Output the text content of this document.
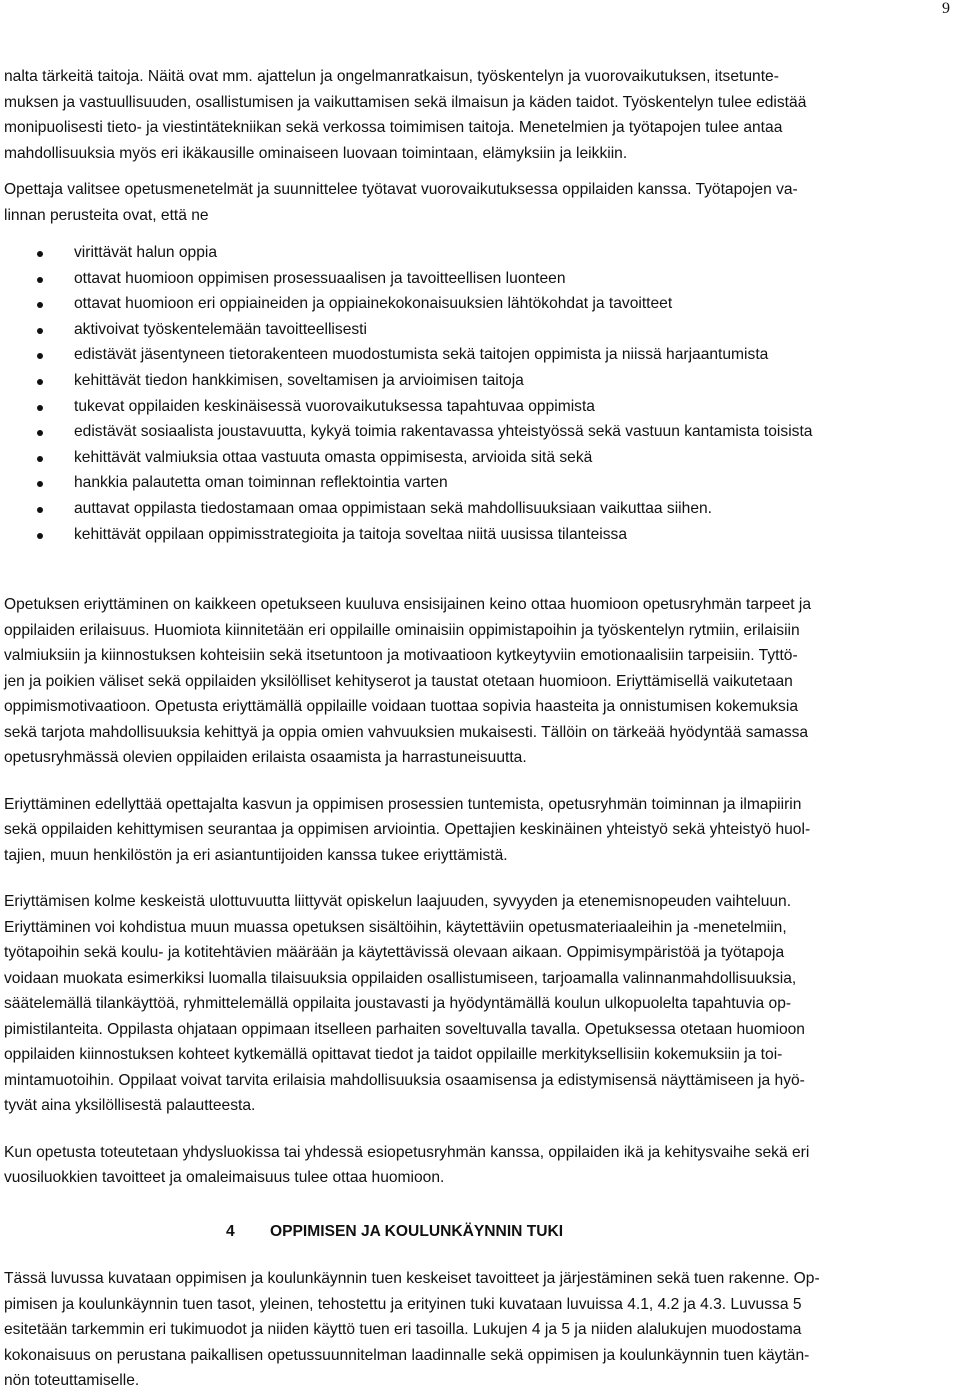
9

nalta tärkeitä taitoja. Näitä ovat mm. ajattelun ja ongelmanratkaisun, työskentelyn ja vuorovaikutuksen, itsetunte-
muksen ja vastuullisuuden, osallistumisen ja vaikuttamisen sekä ilmaisun ja käden taidot. Työskentelyn tulee edistää
monipuolisesti tieto- ja viestintätekniikan sekä verkossa toimimisen taitoja. Menetelmien ja työtapojen tulee antaa
mahdollisuuksia myös eri ikäkausille ominaiseen luovaan toimintaan, elämyksiin ja leikkiin.

Opettaja valitsee opetusmenetelmät ja suunnittelee työtavat vuorovaikutuksessa oppilaiden kanssa. Työtapojen va-
linnan perusteita ovat, että ne

virittävät halun oppia
ottavat huomioon oppimisen prosessuaalisen ja tavoitteellisen luonteen
ottavat huomioon eri oppiaineiden ja oppiainekokonaisuuksien lähtökohdat ja tavoitteet
aktivoivat työskentelemään tavoitteellisesti
edistävät jäsentyneen tietorakenteen muodostumista sekä taitojen oppimista ja niissä harjaantumista
kehittävät tiedon hankkimisen, soveltamisen ja arvioimisen taitoja
tukevat oppilaiden keskinäisessä vuorovaikutuksessa tapahtuvaa oppimista
edistävät sosiaalista joustavuutta, kykyä toimia rakentavassa yhteistyössä sekä vastuun kantamista toisista
kehittävät valmiuksia ottaa vastuuta omasta oppimisesta, arvioida sitä sekä
hankkia palautetta oman toiminnan reflektointia varten
auttavat oppilasta tiedostamaan omaa oppimistaan sekä mahdollisuuksiaan vaikuttaa siihen.
kehittävät oppilaan oppimisstrategioita ja taitoja soveltaa niitä uusissa tilanteissa

Opetuksen eriyttäminen on kaikkeen opetukseen kuuluva ensisijainen keino ottaa huomioon opetusryhmän tarpeet ja
oppilaiden erilaisuus. Huomiota kiinnitetään eri oppilaille ominaisiin oppimistapoihin ja työskentelyn rytmiin, erilaisiin
valmiuksiin ja kiinnostuksen kohteisiin sekä itsetuntoon ja motivaatioon kytkeytyviin emotionaalisiin tarpeisiin. Tyttö-
jen ja poikien väliset sekä oppilaiden yksilölliset kehityserot ja taustat otetaan huomioon. Eriyttämisellä vaikutetaan
oppimismotivaatioon. Opetusta eriyttämällä oppilaille voidaan tuottaa sopivia haasteita ja onnistumisen kokemuksia
sekä tarjota mahdollisuuksia kehittyä ja oppia omien vahvuuksien mukaisesti. Tällöin on tärkeää hyödyntää samassa
opetusryhmässä olevien oppilaiden erilaista osaamista ja harrastuneisuutta.

Eriyttäminen edellyttää opettajalta kasvun ja oppimisen prosessien tuntemista, opetusryhmän toiminnan ja ilmapiirin
sekä oppilaiden kehittymisen seurantaa ja oppimisen arviointia. Opettajien keskinäinen yhteistyö sekä yhteistyö huol-
tajien, muun henkilöstön ja eri asiantuntijoiden kanssa tukee eriyttämistä.

Eriyttämisen kolme keskeistä ulottuvuutta liittyvät opiskelun laajuuden, syvyyden ja etenemisnopeuden vaihteluun.
Eriyttäminen voi kohdistua muun muassa opetuksen sisältöihin, käytettäviin opetusmateriaaleihin ja -menetelmiin,
työtapoihin sekä koulu- ja kotitehtävien määrään ja käytettävissä olevaan aikaan. Oppimisympäristöä ja työtapoja
voidaan muokata esimerkiksi luomalla tilaisuuksia oppilaiden osallistumiseen, tarjoamalla valinnanmahdollisuuksia,
säätelemällä tilankäyttöä, ryhmittelemällä oppilaita joustavasti ja hyödyntämällä koulun ulkopuolelta tapahtuvia op-
pimistilanteita. Oppilasta ohjataan oppimaan itselleen parhaiten soveltuvalla tavalla. Opetuksessa otetaan huomioon
oppilaiden kiinnostuksen kohteet kytkemällä opittavat tiedot ja taidot oppilaille merkityksellisiin kokemuksiin ja toi-
mintamuotoihin. Oppilaat voivat tarvita erilaisia mahdollisuuksia osaamisensa ja edistymisensä näyttämiseen ja hyö-
tyvät aina yksilöllisestä palautteesta.

Kun opetusta toteutetaan yhdysluokissa tai yhdessä esiopetusryhmän kanssa, oppilaiden ikä ja kehitysvaihe sekä eri
vuosiluokkien tavoitteet ja omaleimaisuus tulee ottaa huomioon.

4 OPPIMISEN JA KOULUNKÄYNNIN TUKI

Tässä luvussa kuvataan oppimisen ja koulunkäynnin tuen keskeiset tavoitteet ja järjestäminen sekä tuen rakenne. Op-
pimisen ja koulunkäynnin tuen tasot, yleinen, tehostettu ja erityinen tuki kuvataan luvuissa 4.1, 4.2 ja 4.3. Luvussa 5
esitetään tarkemmin eri tukimuodot ja niiden käyttö tuen eri tasoilla. Lukujen 4 ja 5 ja niiden alalukujen muodostama
kokonaisuus on perustana paikallisen opetussuunnitelman laadinnalle sekä oppimisen ja koulunkäynnin tuen käytän-
nön toteuttamiselle.
